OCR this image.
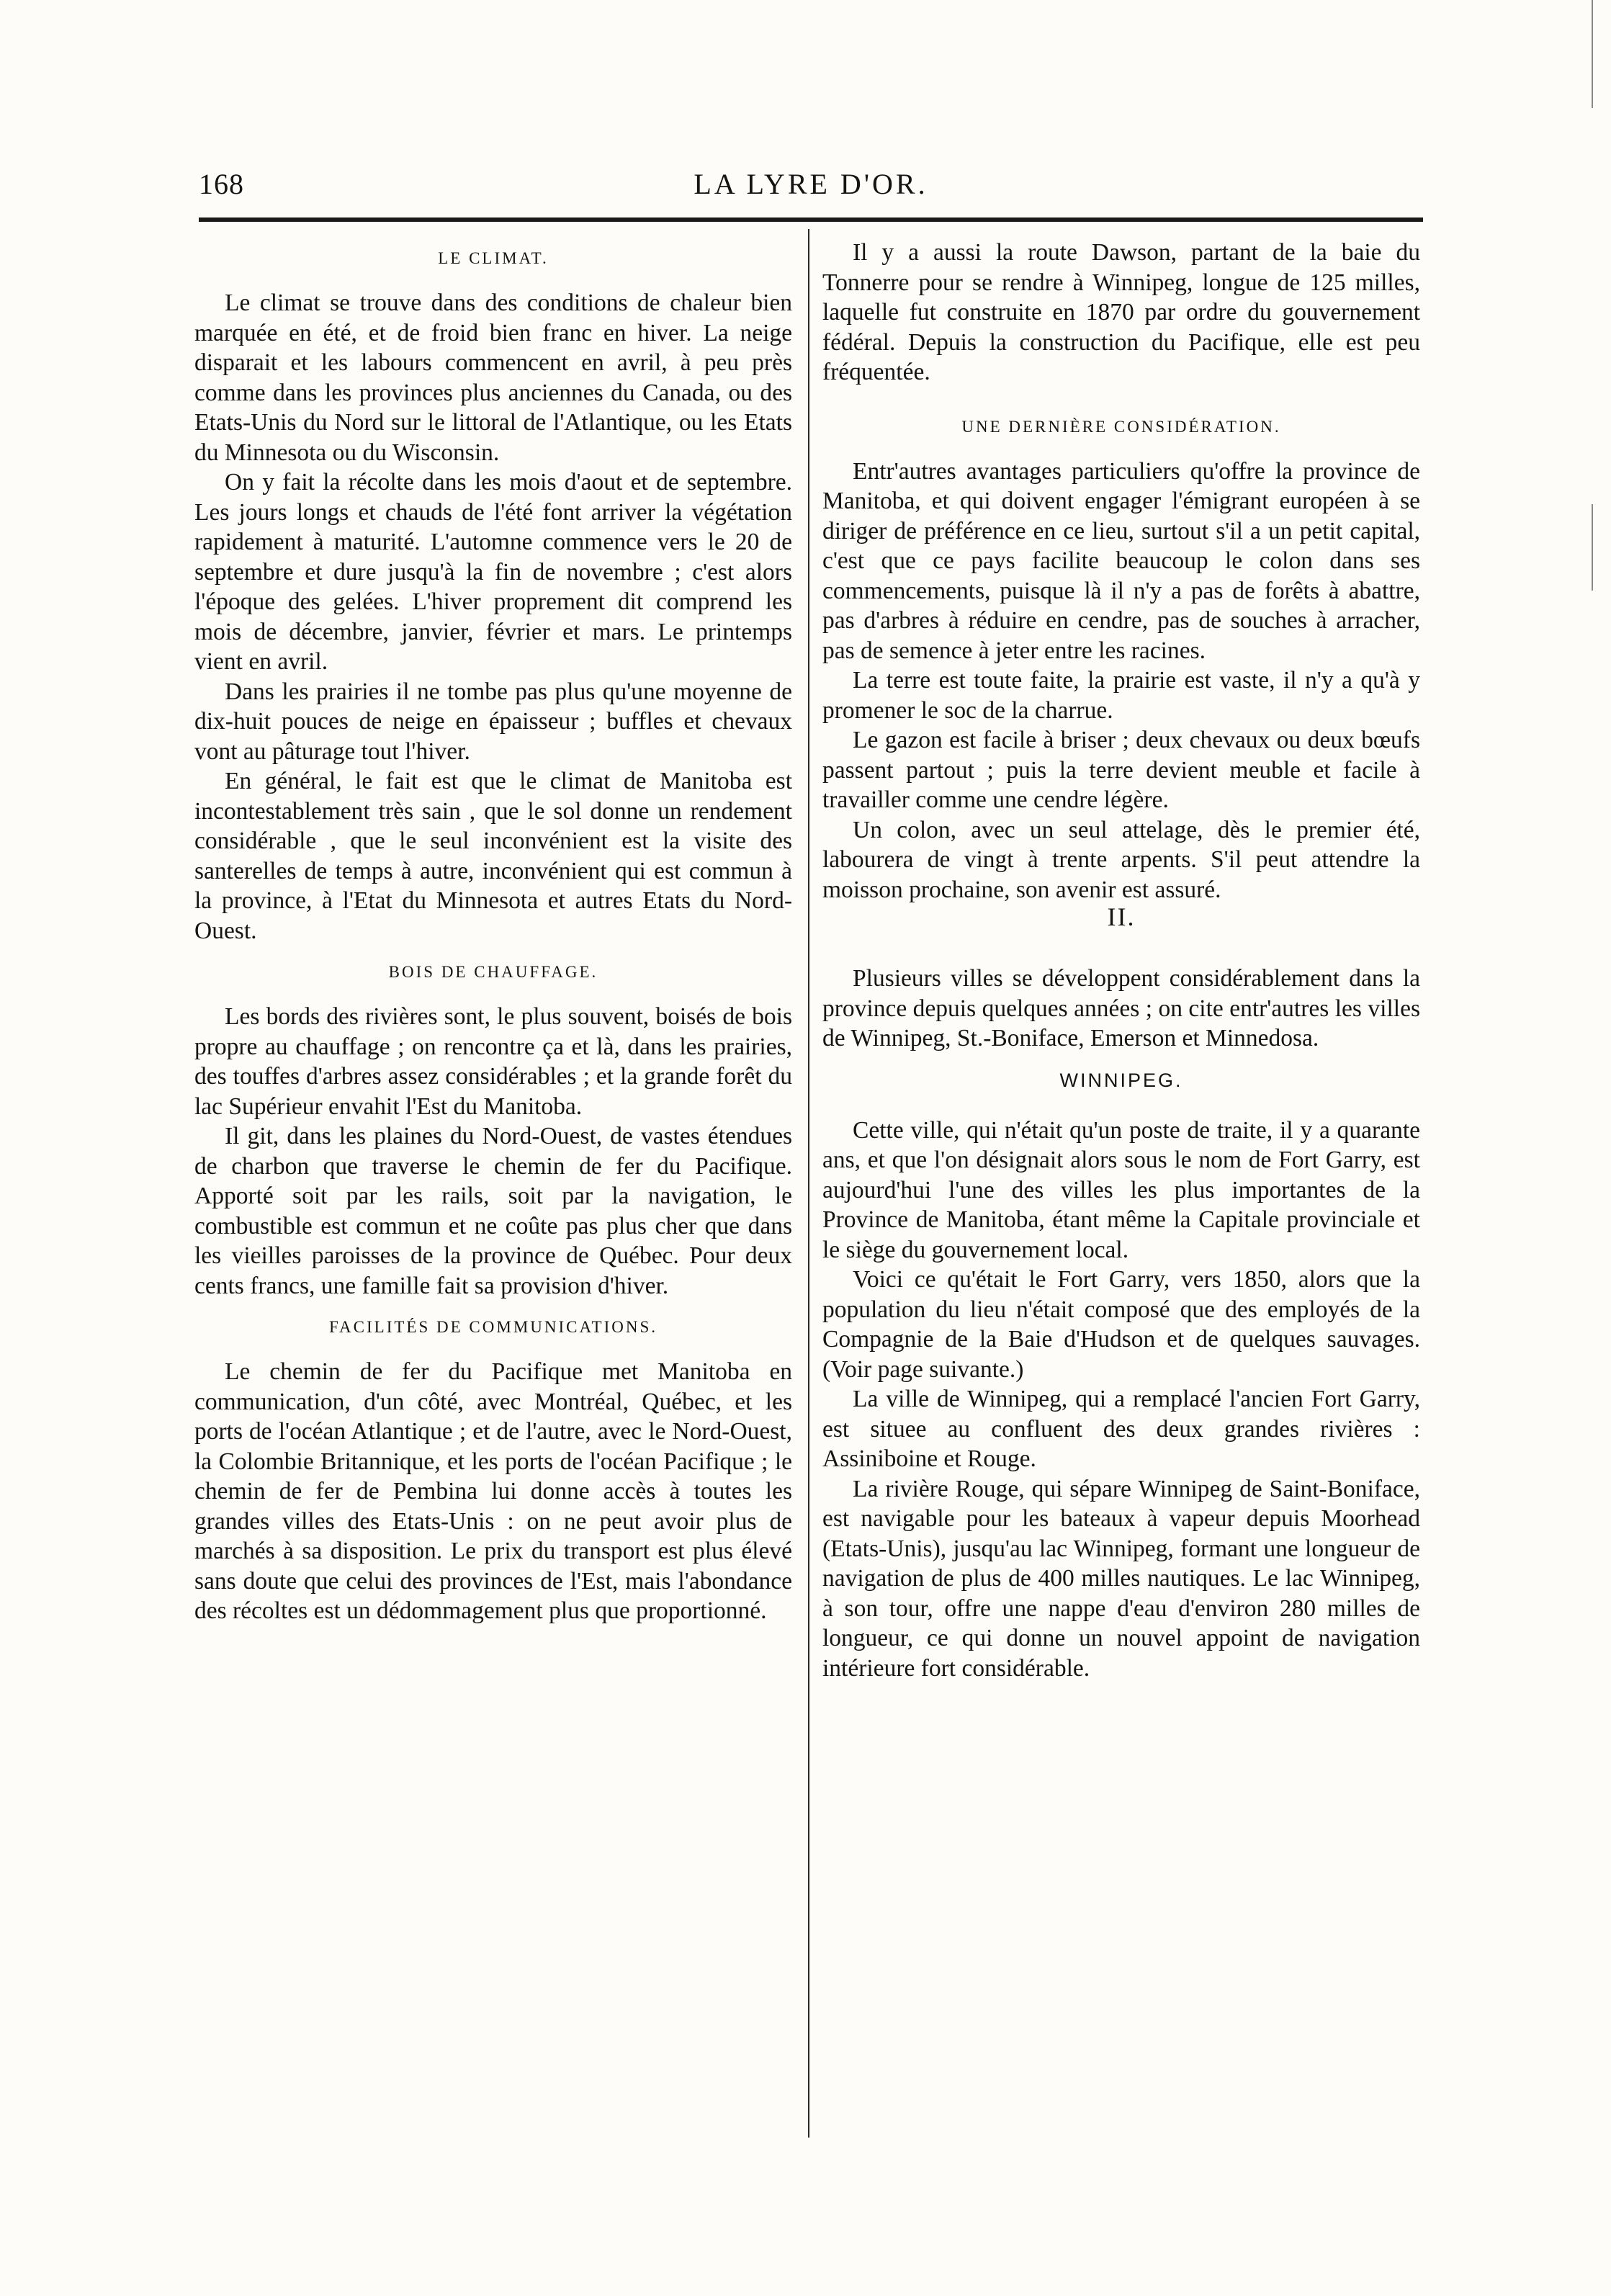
168	LA LYRE D'OR.
LE CLIMAT.

Le climat se trouve dans des conditions de chaleur bien marquée en été, et de froid bien franc en hiver. La neige disparait et les labours commencent en avril, à peu près comme dans les provinces plus anciennes du Canada, ou des Etats-Unis du Nord sur le littoral de l'Atlantique, ou les Etats du Minnesota ou du Wisconsin.

On y fait la récolte dans les mois d'aout et de septembre. Les jours longs et chauds de l'été font arriver la végétation rapidement à maturité. L'automne commence vers le 20 de septembre et dure jusqu'à la fin de novembre ; c'est alors l'époque des gelées. L'hiver proprement dit comprend les mois de décembre, janvier, février et mars. Le printemps vient en avril.

Dans les prairies il ne tombe pas plus qu'une moyenne de dix-huit pouces de neige en épaisseur ; buffles et chevaux vont au pâturage tout l'hiver.

En général, le fait est que le climat de Manitoba est incontestablement très sain , que le sol donne un rendement considérable , que le seul inconvénient est la visite des santerelles de temps à autre, inconvénient qui est commun à la province, à l'Etat du Minnesota et autres Etats du Nord-Ouest.

BOIS DE CHAUFFAGE.

Les bords des rivières sont, le plus souvent, boisés de bois propre au chauffage ; on rencontre ça et là, dans les prairies, des touffes d'arbres assez considérables ; et la grande forêt du lac Supérieur envahit l'Est du Manitoba.

Il git, dans les plaines du Nord-Ouest, de vastes étendues de charbon que traverse le chemin de fer du Pacifique. Apporté soit par les rails, soit par la navigation, le combustible est commun et ne coûte pas plus cher que dans les vieilles paroisses de la province de Québec. Pour deux cents francs, une famille fait sa provision d'hiver.

FACILITÉS DE COMMUNICATIONS.

Le chemin de fer du Pacifique met Manitoba en communication, d'un côté, avec Montréal, Québec, et les ports de l'océan Atlantique ; et de l'autre, avec le Nord-Ouest, la Colombie Britannique, et les ports de l'océan Pacifique ; le chemin de fer de Pembina lui donne accès à toutes les grandes villes des Etats-Unis : on ne peut avoir plus de marchés à sa disposition. Le prix du transport est plus élevé sans doute que celui des provinces de l'Est, mais l'abondance des récoltes est un dédommagement plus que proportionné.

Il y a aussi la route Dawson, partant de la baie du Tonnerre pour se rendre à Winnipeg, longue de 125 milles, laquelle fut construite en 1870 par ordre du gouvernement fédéral. Depuis la construction du Pacifique, elle est peu fréquentée.

UNE DERNIÈRE CONSIDÉRATION.

Entr'autres avantages particuliers qu'offre la province de Manitoba, et qui doivent engager l'émigrant européen à se diriger de préférence en ce lieu, surtout s'il a un petit capital, c'est que ce pays facilite beaucoup le colon dans ses commencements, puisque là il n'y a pas de forêts à abattre, pas d'arbres à réduire en cendre, pas de souches à arracher, pas de semence à jeter entre les racines.

La terre est toute faite, la prairie est vaste, il n'y a qu'à y promener le soc de la charrue.

Le gazon est facile à briser ; deux chevaux ou deux bœufs passent partout ; puis la terre devient meuble et facile à travailler comme une cendre légère.

Un colon, avec un seul attelage, dès le premier été, labourera de vingt à trente arpents. S'il peut attendre la moisson prochaine, son avenir est assuré.

II.

Plusieurs villes se développent considérablement dans la province depuis quelques années ; on cite entr'autres les villes de Winnipeg, St.-Boniface, Emerson et Minnedosa.

WINNIPEG.

Cette ville, qui n'était qu'un poste de traite, il y a quarante ans, et que l'on désignait alors sous le nom de Fort Garry, est aujourd'hui l'une des villes les plus importantes de la Province de Manitoba, étant même la Capitale provinciale et le siège du gouvernement local.

Voici ce qu'était le Fort Garry, vers 1850, alors que la population du lieu n'était composé que des employés de la Compagnie de la Baie d'Hudson et de quelques sauvages. (Voir page suivante.)

La ville de Winnipeg, qui a remplacé l'ancien Fort Garry, est situee au confluent des deux grandes rivières : Assiniboine et Rouge.

La rivière Rouge, qui sépare Winnipeg de Saint-Boniface, est navigable pour les bateaux à vapeur depuis Moorhead (Etats-Unis), jusqu'au lac Winnipeg, formant une longueur de navigation de plus de 400 milles nautiques. Le lac Winnipeg, à son tour, offre une nappe d'eau d'environ 280 milles de longueur, ce qui donne un nouvel appoint de navigation intérieure fort considérable.
